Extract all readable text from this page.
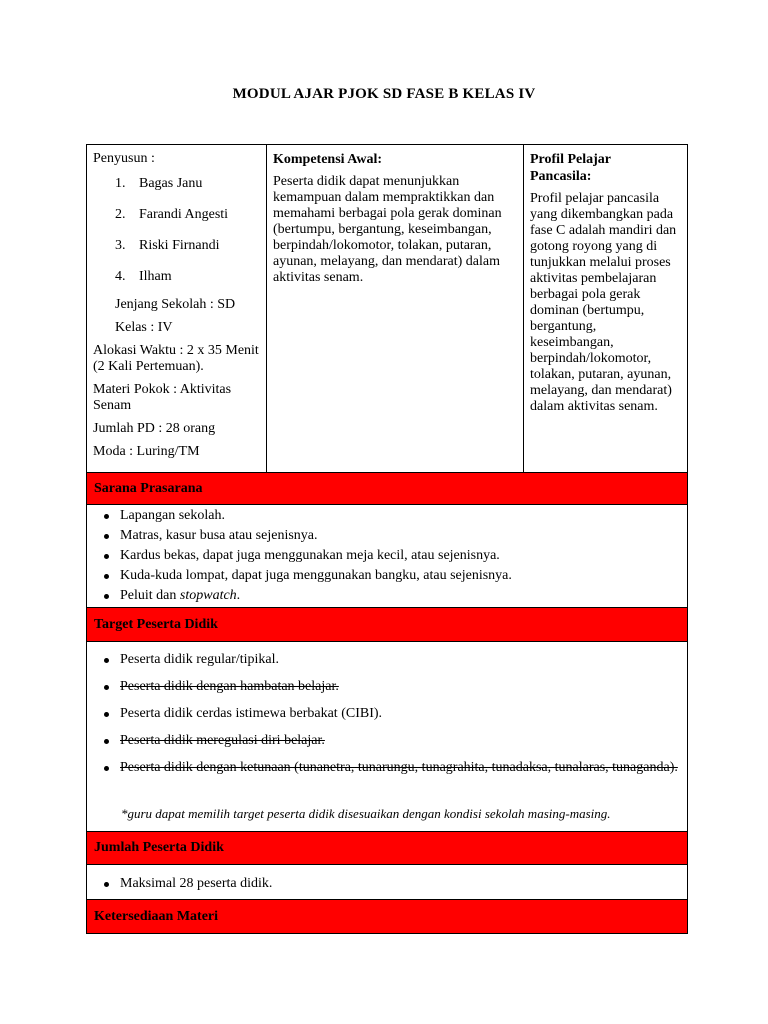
MODUL AJAR PJOK SD FASE B KELAS IV
Penyusun :
1. Bagas Janu
2. Farandi Angesti
3. Riski Firnandi
4. Ilham
Jenjang Sekolah : SD
Kelas : IV
Alokasi Waktu : 2 x 35 Menit (2 Kali Pertemuan).
Materi Pokok : Aktivitas Senam
Jumlah PD : 28 orang
Moda : Luring/TM
Kompetensi Awal:
Peserta didik dapat menunjukkan kemampuan dalam mempraktikkan dan memahami berbagai pola gerak dominan (bertumpu, bergantung, keseimbangan, berpindah/lokomotor, tolakan, putaran, ayunan, melayang, dan mendarat) dalam aktivitas senam.
Profil Pelajar Pancasila:
Profil pelajar pancasila yang dikembangkan pada fase C adalah mandiri dan gotong royong yang di tunjukkan melalui proses aktivitas pembelajaran berbagai pola gerak dominan (bertumpu, bergantung, keseimbangan, berpindah/lokomotor, tolakan, putaran, ayunan, melayang, dan mendarat) dalam aktivitas senam.
Sarana Prasarana
Lapangan sekolah.
Matras, kasur busa atau sejenisnya.
Kardus bekas, dapat juga menggunakan meja kecil, atau sejenisnya.
Kuda-kuda lompat, dapat juga menggunakan bangku, atau sejenisnya.
Peluit dan stopwatch.
Target Peserta Didik
Peserta didik regular/tipikal.
Peserta didik dengan hambatan belajar.
Peserta didik cerdas istimewa berbakat (CIBI).
Peserta didik meregulasi diri belajar.
Peserta didik dengan ketunaan (tunanetra, tunarungu, tunagrahita, tunadaksa, tunalaras, tunaganda).
*guru dapat memilih target peserta didik disesuaikan dengan kondisi sekolah masing-masing.
Jumlah Peserta Didik
Maksimal 28 peserta didik.
Ketersediaan Materi
